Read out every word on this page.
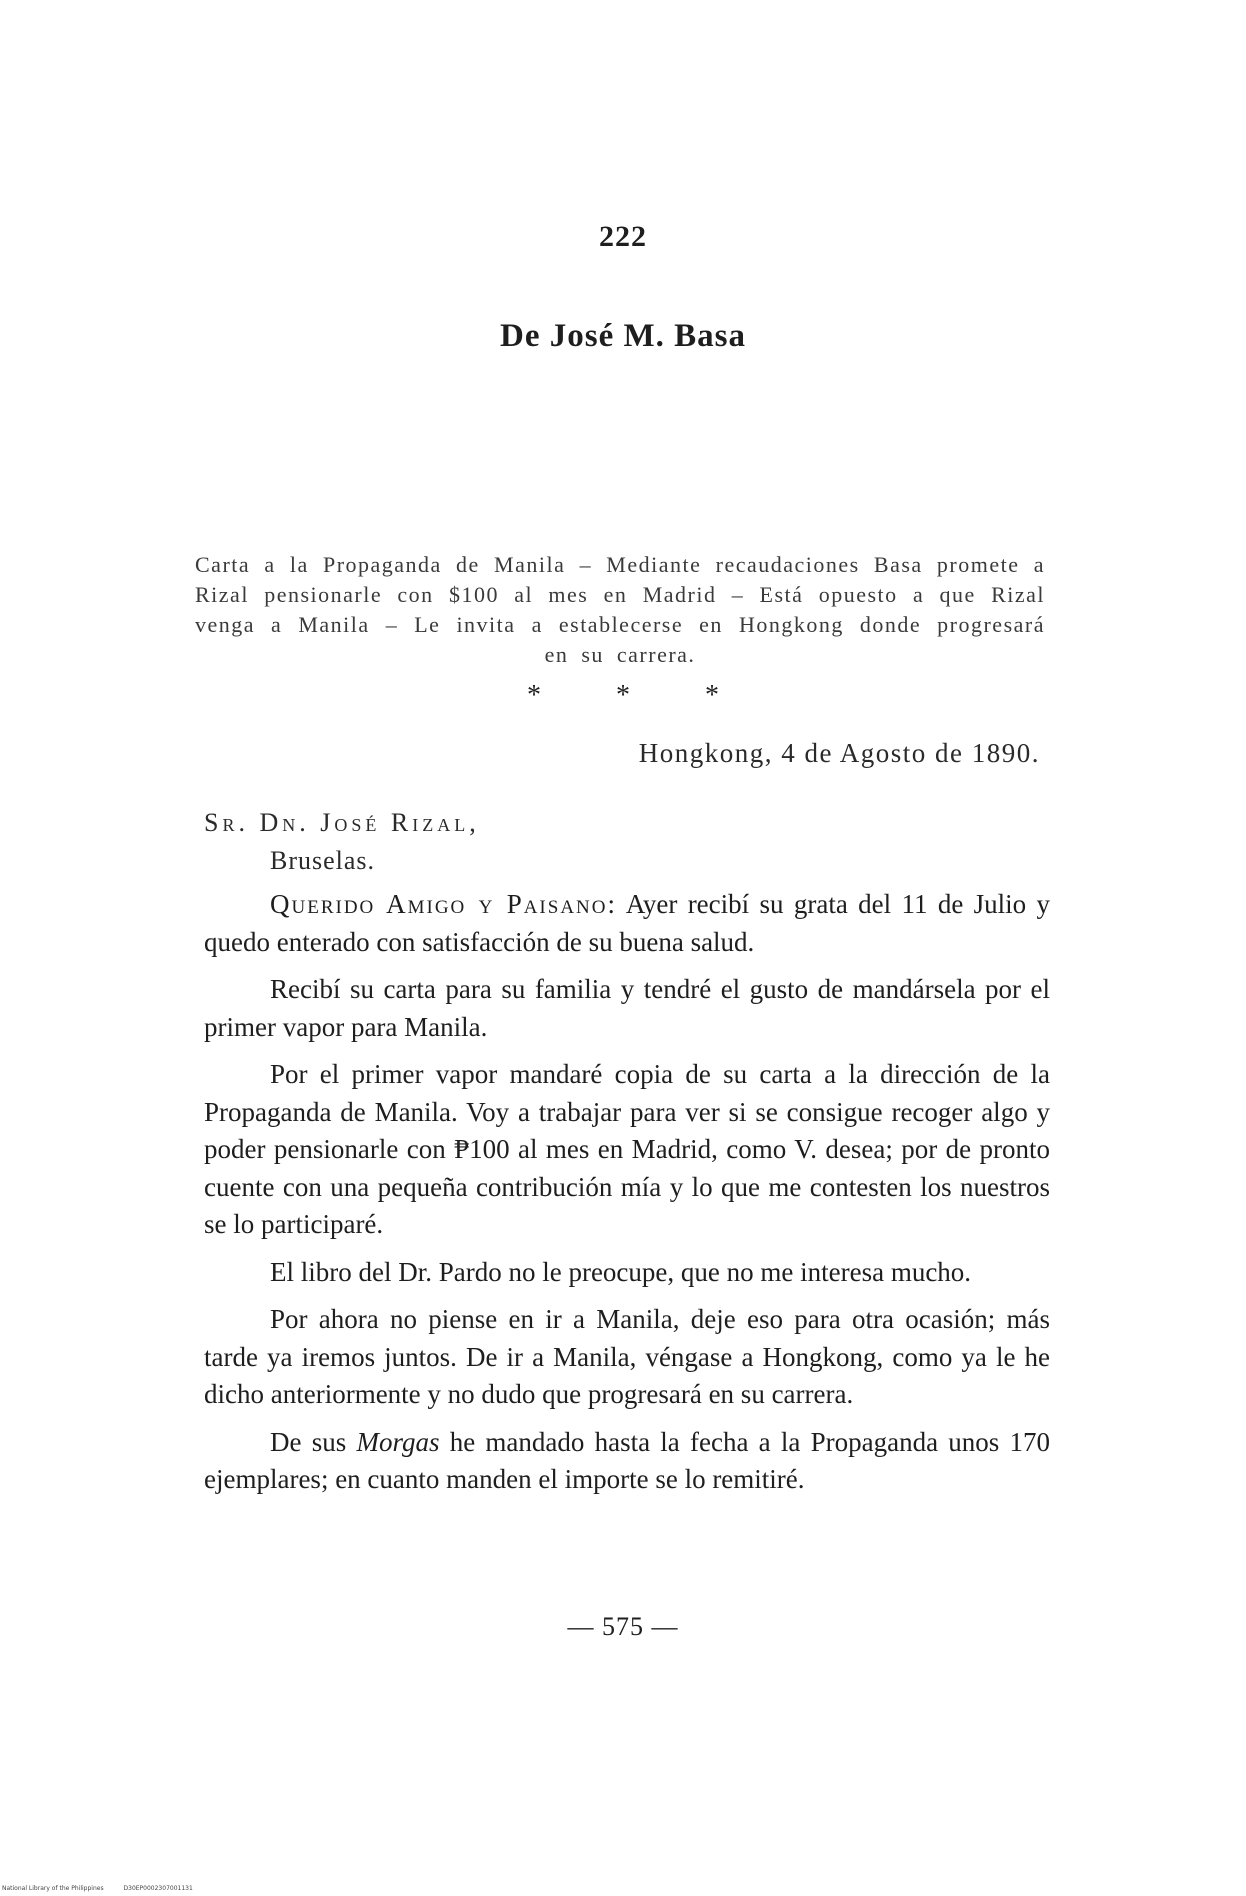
222
De José M. Basa
Carta a la Propaganda de Manila – Mediante recaudaciones Basa promete a Rizal pensionarle con $100 al mes en Madrid – Está opuesto a que Rizal venga a Manila – Le invita a establecerse en Hongkong donde progresará en su carrera.
* * *
Hongkong, 4 de Agosto de 1890.
Sr. Dn. José Rizal,
Bruselas.

Querido Amigo y Paisano: Ayer recibí su grata del 11 de Julio y quedo enterado con satisfacción de su buena salud.

Recibí su carta para su familia y tendré el gusto de mandársela por el primer vapor para Manila.

Por el primer vapor mandaré copia de su carta a la dirección de la Propaganda de Manila. Voy a trabajar para ver si se consigue recoger algo y poder pensionarle con ₱100 al mes en Madrid, como V. desea; por de pronto cuente con una pequeña contribución mía y lo que me contesten los nuestros se lo participaré.

El libro del Dr. Pardo no le preocupe, que no me interesa mucho.

Por ahora no piense en ir a Manila, deje eso para otra ocasión; más tarde ya iremos juntos. De ir a Manila, véngase a Hongkong, como ya le he dicho anteriormente y no dudo que progresará en su carrera.

De sus Morgas he mandado hasta la fecha a la Propaganda unos 170 ejemplares; en cuanto manden el importe se lo remitiré.

— 575 —
National Library of the Philippines	D30EP0002307001131
